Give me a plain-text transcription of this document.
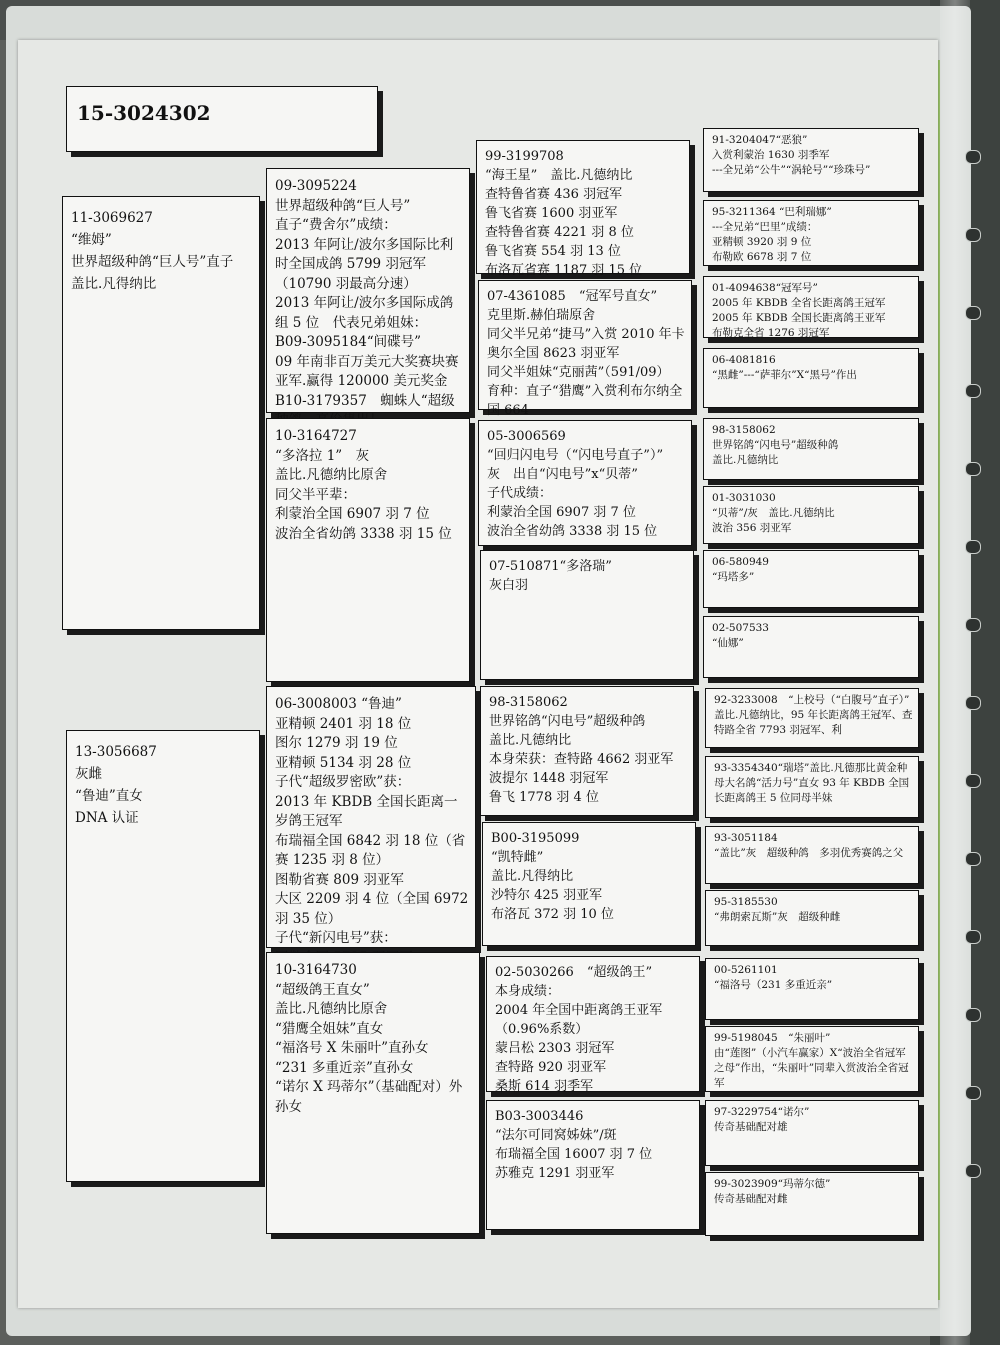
15-3024302
11-3069627
“维姆”
世界超级种鸽“巨人号”直子
盖比.凡得纳比
13-3056687
灰雌
“鲁迪”直女
DNA 认证
09-3095224
世界超级种鸽“巨人号”
直子“费舍尔”成绩：
2013 年阿让/波尔多国际比利时全国成鸽 5799 羽冠军（10790 羽最高分速）
2013 年阿让/波尔多国际成鸽组 5 位　代表兄弟姐妹：
B09-3095184“间碟号”
09 年南非百万美元大奖赛块赛亚军.赢得 120000 美元奖金
B10-3179357　蜘蛛人“超级
10-3164727
“多洛拉 1”　灰
盖比.凡德纳比原舍
同父半平辈：
利蒙治全国 6907 羽 7 位
波治全省幼鸽 3338 羽 15 位
06-3008003 “鲁迪”
亚精顿 2401 羽 18 位
图尔 1279 羽 19 位
亚精顿 5134 羽 28 位
子代“超级罗密欧”获：
2013 年 KBDB 全国长距离一岁鸽王冠军
布瑞福全国 6842 羽 18 位（省赛 1235 羽 8 位）
图勒省赛 809 羽亚军
大区 2209 羽 4 位（全国 6972 羽 35 位）
子代“新闪电号”获：

10-3164730
“超级鸽王直女”
盖比.凡德纳比原舍
“猎鹰全姐妹”直女
“福洛号 X 朱丽叶”直孙女
“231 多重近亲”直孙女
“诺尔 X 玛蒂尔”（基础配对）外孙女
99-3199708
“海王星”　盖比.凡德纳比
查特鲁省赛 436 羽冠军
鲁飞省赛 1600 羽亚军
查特鲁省赛 4221 羽 8 位
鲁飞省赛 554 羽 13 位
布洛瓦省赛 1187 羽 15 位
07-4361085　“冠军号直女”
克里斯.赫伯瑞原舍
同父半兄弟“捷马”入赏 2010 年卡奥尔全国 8623 羽亚军
同父半姐妹“克丽茜”（591/09）
育种：直子“猎鹰”入赏利布尔纳全国 664
05-3006569
“回归闪电号（“闪电号直子”）”
灰　出自“闪电号”x“贝蒂”
子代成绩：
利蒙治全国 6907 羽 7 位
波治全省幼鸽 3338 羽 15 位

07-510871“多洛瑞”
灰白羽
98-3158062
世界铭鸽“闪电号”超级种鸽
盖比.凡德纳比
本身荣获：查特路 4662 羽亚军
波提尔 1448 羽冠军
鲁飞 1778 羽 4 位
B00-3195099
“凯特雌”
盖比.凡得纳比
沙特尔 425 羽亚军
布洛瓦 372 羽 10 位
02-5030266　“超级鸽王”
本身成绩：
2004 年全国中距离鸽王亚军（0.96%系数）
蒙吕松 2303 羽冠军
查特路 920 羽亚军
桑斯 614 羽季军
B03-3003446
“法尔可同窝姊妹”/斑
布瑞福全国 16007 羽 7 位
苏雅克 1291 羽亚军
91-3204047“恶狼”
入赏利蒙治 1630 羽季军
---全兄弟“公牛”“涡轮号”“珍珠号”
95-3211364 “巴利瑞娜”
---全兄弟“巴里”成绩：
亚精顿 3920 羽 9 位
布勒欧 6678 羽 7 位
01-4094638“冠军号”
2005 年 KBDB 全省长距离鸽王冠军
2005 年 KBDB 全国长距离鸽王亚军
布勒克全省 1276 羽冠军
06-4081816
“黑雌”---“萨菲尔”X“黑号”作出
98-3158062
世界铭鸽“闪电号”超级种鸽
盖比.凡德纳比
01-3031030
“贝蒂”/灰　盖比.凡德纳比
波治 356 羽亚军
06-580949
“玛塔多”
02-507533
“仙娜”
92-3233008　“上校号（“白腹号”直子）”　盖比.凡德纳比，95 年长距离鸽王冠军、查特路全省 7793 羽冠军、利
93-3354340“瑞塔”盖比.凡德那比黄金种母大名鸽“活力号”直女 93 年 KBDB 全国长距离鸽王 5 位同母半妹
93-3051184
“盖比”灰　超级种鸽　多羽优秀赛鸽之父
95-3185530
“弗朗索瓦斯”灰　超级种雌
00-5261101
“福洛号（231 多重近亲”
99-5198045　“朱丽叶”
由“莲图”（小汽车赢家）X“波治全省冠军之母”作出，“朱丽叶”同辈入赏波治全省冠军
97-3229754“诺尔”
传奇基础配对雄
99-3023909“玛蒂尔德”
传奇基础配对雌
